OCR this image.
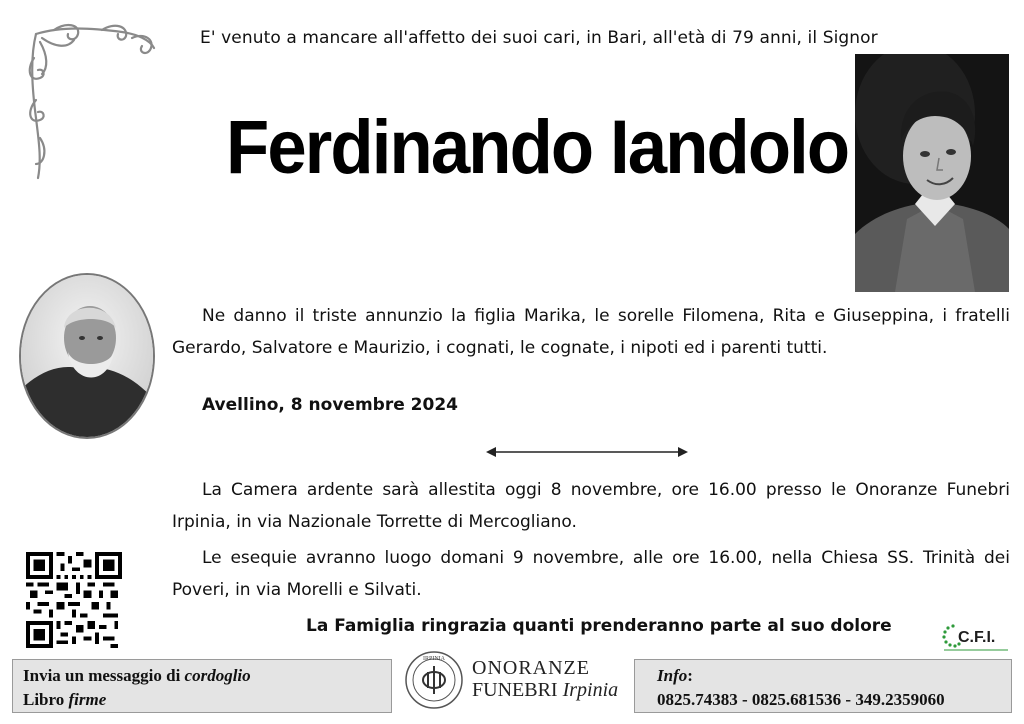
E' venuto a mancare all'affetto dei suoi cari, in Bari, all'età di 79 anni, il Signor
Ferdinando Iandolo
Ne danno il triste annunzio la figlia Marika, le sorelle Filomena, Rita e Giuseppina, i fratelli Gerardo, Salvatore e Maurizio, i cognati, le cognate, i nipoti ed i parenti tutti.
Avellino, 8 novembre 2024
La Camera ardente sarà allestita oggi 8 novembre, ore 16.00 presso le Onoranze Funebri Irpinia, in via Nazionale Torrette di Mercogliano.
Le esequie avranno luogo domani 9 novembre, alle ore 16.00, nella Chiesa SS. Trinità dei Poveri, in via Morelli e Silvati.
La Famiglia ringrazia quanti prenderanno parte al suo dolore
C.F.I.
Invia un messaggio di cordoglio
Libro firme
IRPINIA ONORANZE
FUNEBRI Irpinia
Info:
0825.74383 - 0825.681536 - 349.2359060
